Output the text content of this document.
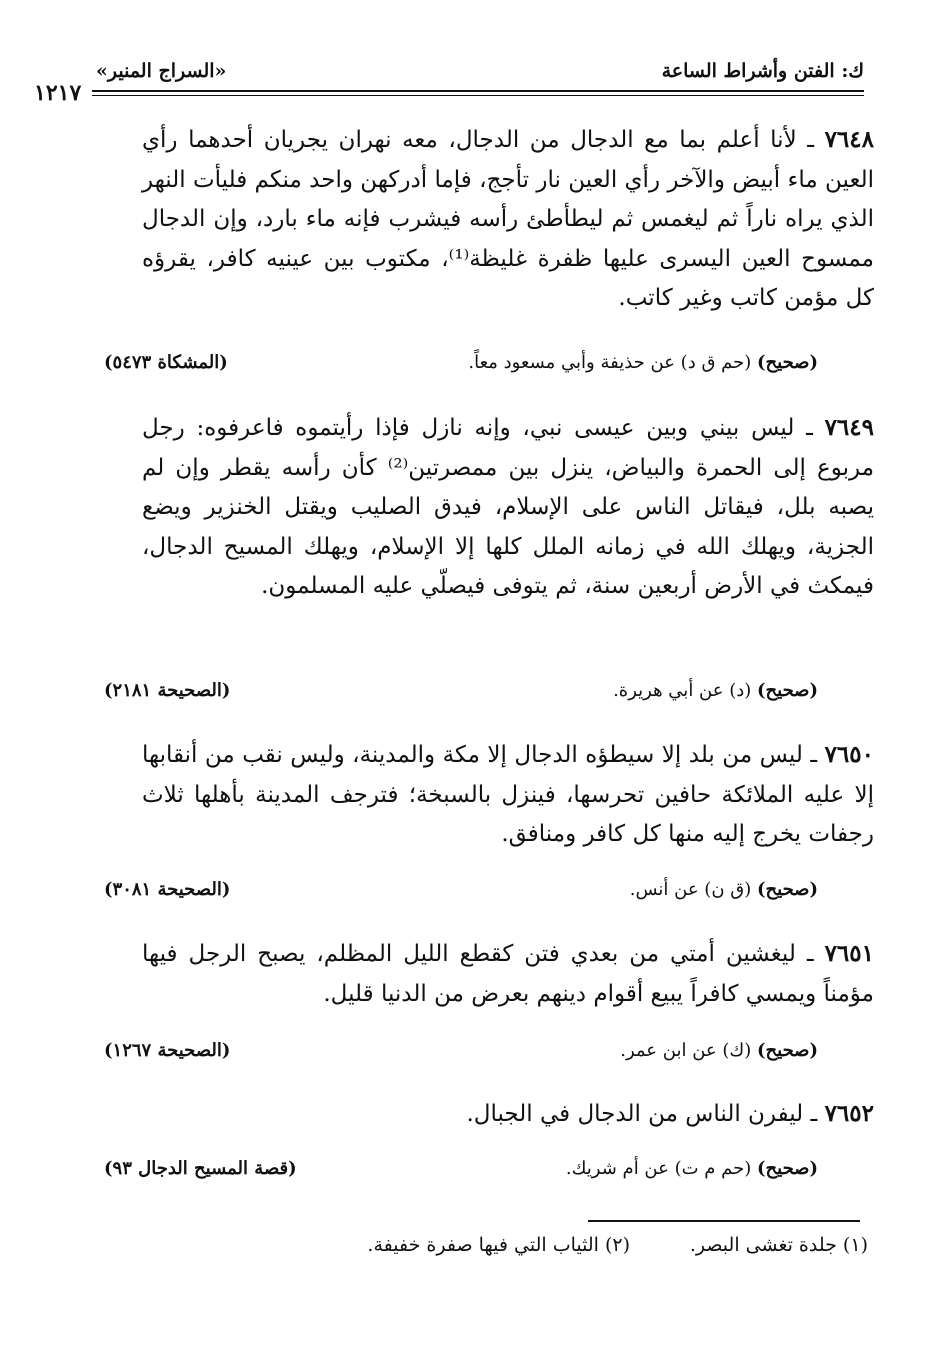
ك: الفتن وأشراط الساعة
«السراج المنير»
١٢١٧
٧٦٤٨ ـ لأنا أعلم بما مع الدجال من الدجال، معه نهران يجريان أحدهما رأي العين ماء أبيض والآخر رأي العين نار تأجج، فإما أدركهن واحد منكم فليأت النهر الذي يراه ناراً ثم ليغمس ثم ليطأطئ رأسه فيشرب فإنه ماء بارد، وإن الدجال ممسوح العين اليسرى عليها ظفرة غليظة⁽¹⁾، مكتوب بين عينيه كافر، يقرؤه كل مؤمن كاتب وغير كاتب.
(صحيح) (حم ق د) عن حذيفة وأبي مسعود معاً.
(المشكاة ٥٤٧٣)
٧٦٤٩ ـ ليس بيني وبين عيسى نبي، وإنه نازل فإذا رأيتموه فاعرفوه: رجل مربوع إلى الحمرة والبياض، ينزل بين ممصرتين⁽²⁾ كأن رأسه يقطر وإن لم يصبه بلل، فيقاتل الناس على الإسلام، فيدق الصليب ويقتل الخنزير ويضع الجزية، ويهلك الله في زمانه الملل كلها إلا الإسلام، ويهلك المسيح الدجال، فيمكث في الأرض أربعين سنة، ثم يتوفى فيصلّي عليه المسلمون.
(صحيح) (د) عن أبي هريرة.
(الصحيحة ٢١٨١)
٧٦٥٠ ـ ليس من بلد إلا سيطؤه الدجال إلا مكة والمدينة، وليس نقب من أنقابها إلا عليه الملائكة حافين تحرسها، فينزل بالسبخة؛ فترجف المدينة بأهلها ثلاث رجفات يخرج إليه منها كل كافر ومنافق.
(صحيح) (ق ن) عن أنس.
(الصحيحة ٣٠٨١)
٧٦٥١ ـ ليغشين أمتي من بعدي فتن كقطع الليل المظلم، يصبح الرجل فيها مؤمناً ويمسي كافراً يبيع أقوام دينهم بعرض من الدنيا قليل.
(صحيح) (ك) عن ابن عمر.
(الصحيحة ١٢٦٧)
٧٦٥٢ ـ ليفرن الناس من الدجال في الجبال.
(صحيح) (حم م ت) عن أم شريك.
(قصة المسيح الدجال ٩٣)
(١) جلدة تغشى البصر.
(٢) الثياب التي فيها صفرة خفيفة.
